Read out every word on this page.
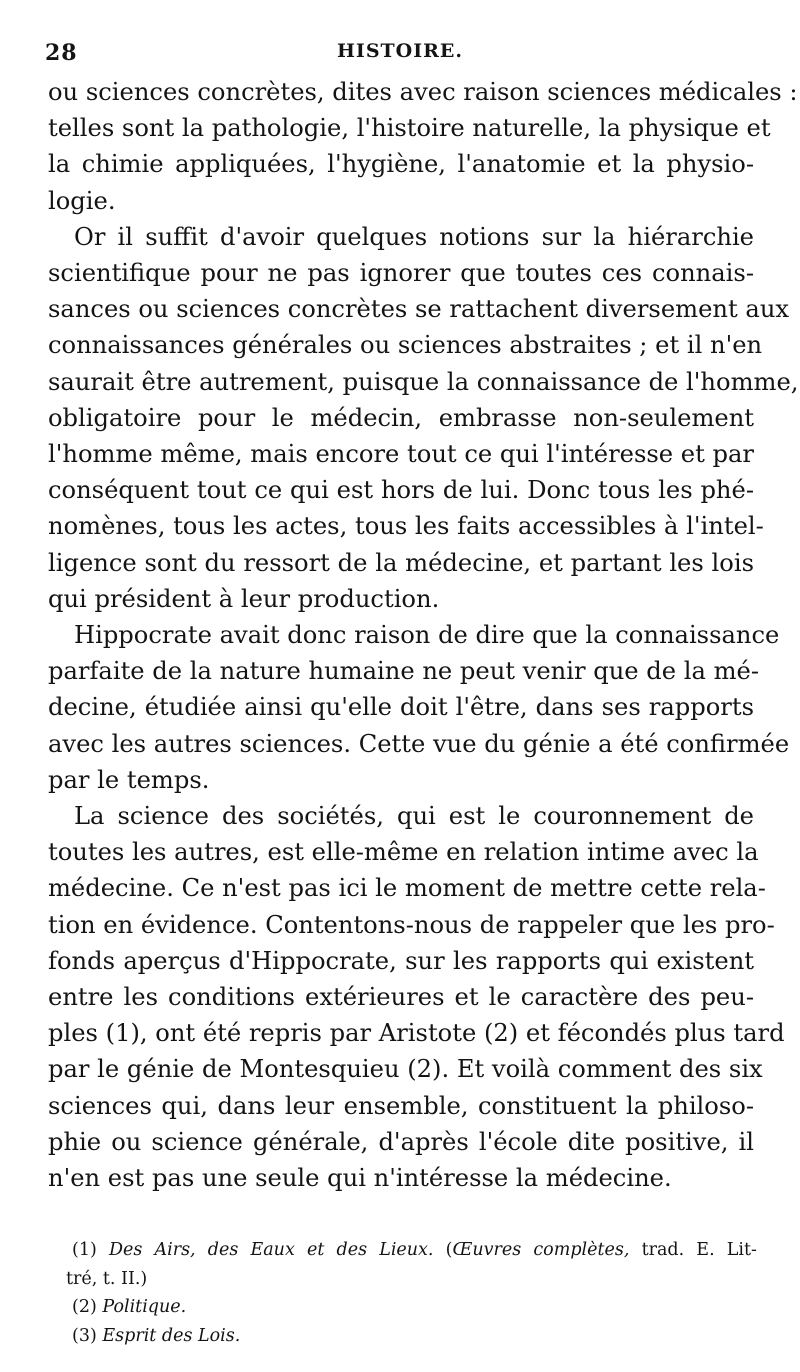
28	HISTOIRE.
ou sciences concrètes, dites avec raison sciences médicales :
telles sont la pathologie, l'histoire naturelle, la physique et
la chimie appliquées, l'hygiène, l'anatomie et la physio-
logie.
Or il suffit d'avoir quelques notions sur la hiérarchie
scientifique pour ne pas ignorer que toutes ces connais-
sances ou sciences concrètes se rattachent diversement aux
connaissances générales ou sciences abstraites ; et il n'en
saurait être autrement, puisque la connaissance de l'homme,
obligatoire pour le médecin, embrasse non-seulement
l'homme même, mais encore tout ce qui l'intéresse et par
conséquent tout ce qui est hors de lui. Donc tous les phé-
nomènes, tous les actes, tous les faits accessibles à l'intel-
ligence sont du ressort de la médecine, et partant les lois
qui président à leur production.
Hippocrate avait donc raison de dire que la connaissance
parfaite de la nature humaine ne peut venir que de la mé-
decine, étudiée ainsi qu'elle doit l'être, dans ses rapports
avec les autres sciences. Cette vue du génie a été confirmée
par le temps.
La science des sociétés, qui est le couronnement de
toutes les autres, est elle-même en relation intime avec la
médecine. Ce n'est pas ici le moment de mettre cette rela-
tion en évidence. Contentons-nous de rappeler que les pro-
fonds aperçus d'Hippocrate, sur les rapports qui existent
entre les conditions extérieures et le caractère des peu-
ples (1), ont été repris par Aristote (2) et fécondés plus tard
par le génie de Montesquieu (2). Et voilà comment des six
sciences qui, dans leur ensemble, constituent la philoso-
phie ou science générale, d'après l'école dite positive, il
n'en est pas une seule qui n'intéresse la médecine.
(1) Des Airs, des Eaux et des Lieux. (Œuvres complètes, trad. E. Lit-
tré, t. II.)
(2) Politique.
(3) Esprit des Lois.
